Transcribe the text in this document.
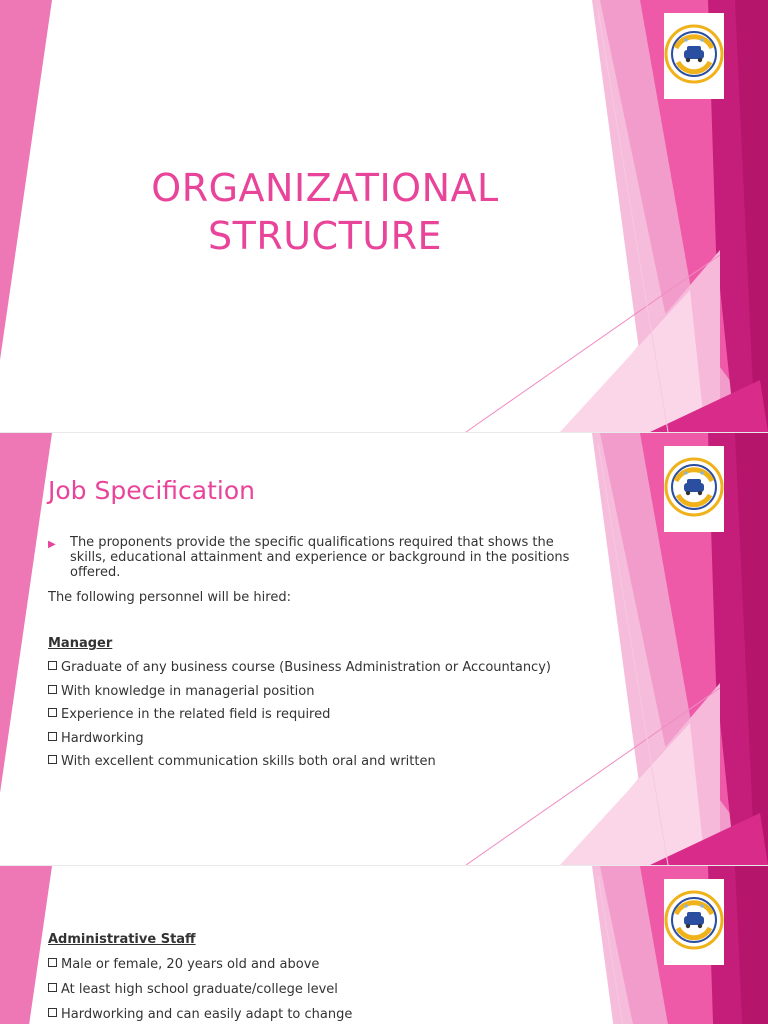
ORGANIZATIONAL
STRUCTURE
Job Specification
▶ The proponents provide the specific qualifications required that shows the skills, educational attainment and experience or background in the positions offered.
The following personnel will be hired:
Manager
Graduate of any business course (Business Administration or Accountancy)
With knowledge in managerial position
Experience in the related field is required
Hardworking
With excellent communication skills both oral and written
Administrative Staff
Male or female, 20 years old and above
At least high school graduate/college level
Hardworking and can easily adapt to change
